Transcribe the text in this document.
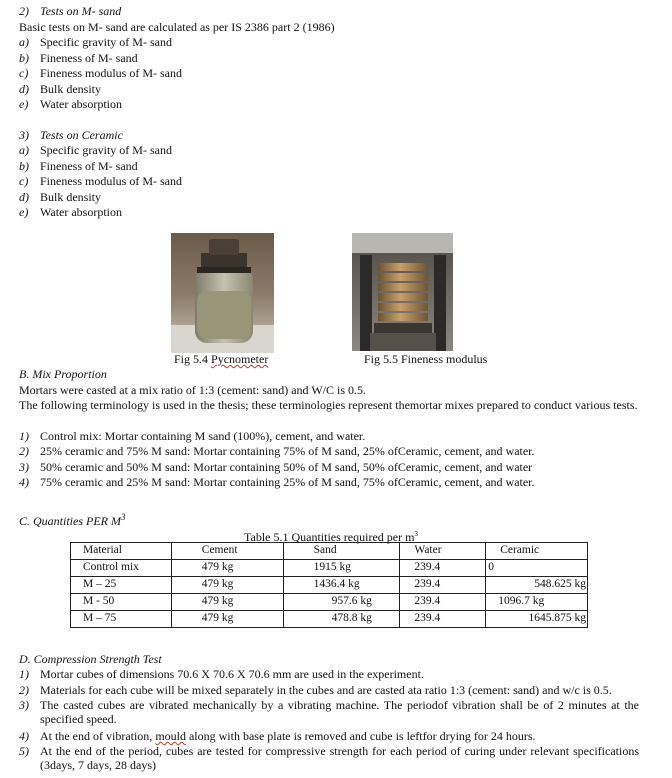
2) Tests on M- sand
Basic tests on M- sand are calculated as per IS 2386 part 2 (1986)
a) Specific gravity of M- sand
b) Fineness of M- sand
c) Fineness modulus of M- sand
d) Bulk density
e) Water absorption
3) Tests on Ceramic
a) Specific gravity of M- sand
b) Fineness of M- sand
c) Fineness modulus of M- sand
d) Bulk density
e) Water absorption
Fig 5.4 Pycnometer	Fig 5.5 Fineness modulus
B. Mix Proportion
Mortars were casted at a mix ratio of 1:3 (cement: sand) and W/C is 0.5.
The following terminology is used in the thesis; these terminologies represent themortar mixes prepared to conduct various tests.
1) Control mix: Mortar containing M sand (100%), cement, and water.
2) 25% ceramic and 75% M sand: Mortar containing 75% of M sand, 25% ofCeramic, cement, and water.
3) 50% ceramic and 50% M sand: Mortar containing 50% of M sand, 50% ofCeramic, cement, and water
4) 75% ceramic and 25% M sand: Mortar containing 25% of M sand, 75% ofCeramic, cement, and water.
C. Quantities PER $M^3$
Table 5.1 Quantities required per $m^3$
Material	Cement	Sand	Water	Ceramic
Control mix	479 kg	1915 kg	239.4	0
M – 25	479 kg	1436.4 kg	239.4	548.625 kg
M - 50	479 kg	957.6 kg	239.4	1096.7 kg
M – 75	479 kg	478.8 kg	239.4	1645.875 kg
D. Compression Strength Test
1) Mortar cubes of dimensions 70.6 X 70.6 X 70.6 mm are used in the experiment.
2) Materials for each cube will be mixed separately in the cubes and are casted ata ratio 1:3 (cement: sand) and w/c is 0.5.
3) The casted cubes are vibrated mechanically by a vibrating machine. The periodof vibration shall be of 2 minutes at the specified speed.
4) At the end of vibration, mould along with base plate is removed and cube is leftfor drying for 24 hours.
5) At the end of the period, cubes are tested for compressive strength for each period of curing under relevant specifications (3days, 7 days, 28 days)
